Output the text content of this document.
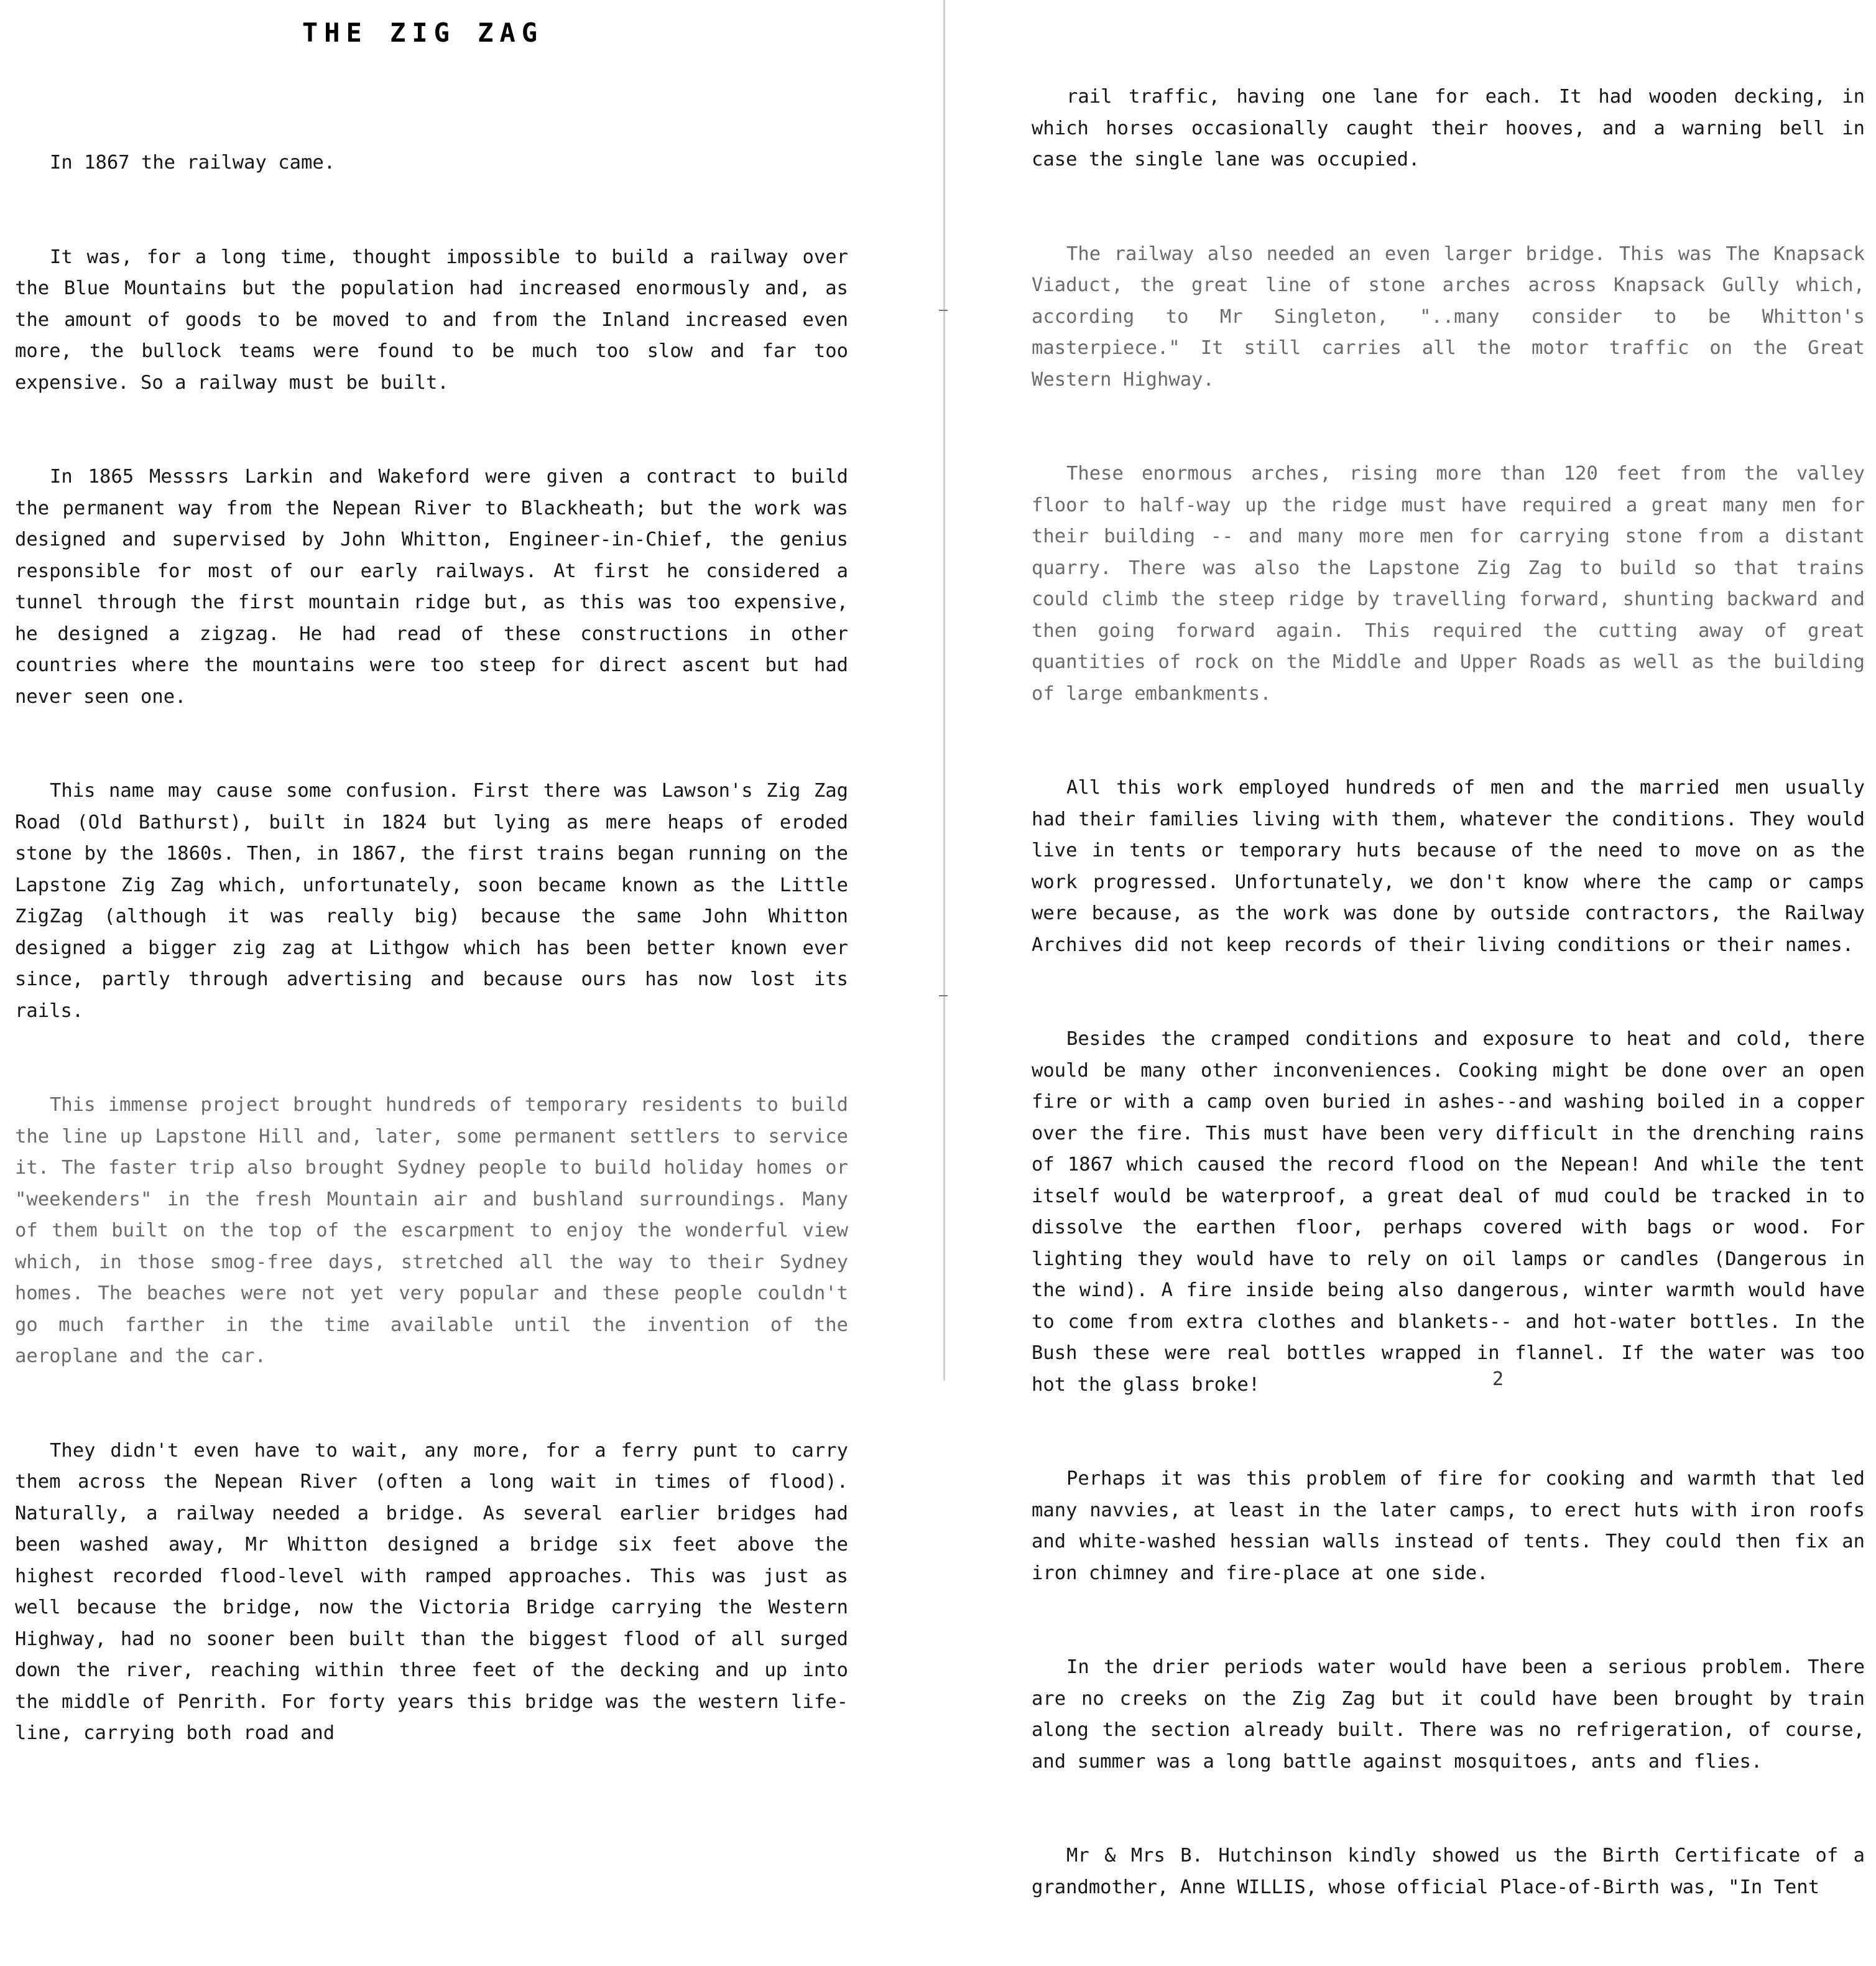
THE ZIG ZAG

In 1867 the railway came.

It was, for a long time, thought impossible to build a railway over the Blue Mountains but the population had increased enormously and, as the amount of goods to be moved to and from the Inland increased even more, the bullock teams were found to be much too slow and far too expensive. So a railway must be built.

In 1865 Messsrs Larkin and Wakeford were given a contract to build the permanent way from the Nepean River to Blackheath; but the work was designed and supervised by John Whitton, Engineer-in-Chief, the genius responsible for most of our early railways. At first he considered a tunnel through the first mountain ridge but, as this was too expensive, he designed a zigzag. He had read of these constructions in other countries where the mountains were too steep for direct ascent but had never seen one.

This name may cause some confusion. First there was Lawson's Zig Zag Road (Old Bathurst), built in 1824 but lying as mere heaps of eroded stone by the 1860s. Then, in 1867, the first trains began running on the Lapstone Zig Zag which, unfortunately, soon became known as the Little ZigZag (although it was really big) because the same John Whitton designed a bigger zig zag at Lithgow which has been better known ever since, partly through advertising and because ours has now lost its rails.

This immense project brought hundreds of temporary residents to build the line up Lapstone Hill and, later, some permanent settlers to service it. The faster trip also brought Sydney people to build holiday homes or "weekenders" in the fresh Mountain air and bushland surroundings. Many of them built on the top of the escarpment to enjoy the wonderful view which, in those smog-free days, stretched all the way to their Sydney homes. The beaches were not yet very popular and these people couldn't go much farther in the time available until the invention of the aeroplane and the car.

They didn't even have to wait, any more, for a ferry punt to carry them across the Nepean River (often a long wait in times of flood). Naturally, a railway needed a bridge. As several earlier bridges had been washed away, Mr Whitton designed a bridge six feet above the highest recorded flood-level with ramped approaches. This was just as well because the bridge, now the Victoria Bridge carrying the Western Highway, had no sooner been built than the biggest flood of all surged down the river, reaching within three feet of the decking and up into the middle of Penrith. For forty years this bridge was the western life-line, carrying both road and

rail traffic, having one lane for each. It had wooden decking, in which horses occasionally caught their hooves, and a warning bell in case the single lane was occupied.

The railway also needed an even larger bridge. This was The Knapsack Viaduct, the great line of stone arches across Knapsack Gully which, according to Mr Singleton, "..many consider to be Whitton's masterpiece." It still carries all the motor traffic on the Great Western Highway.

These enormous arches, rising more than 120 feet from the valley floor to half-way up the ridge must have required a great many men for their building -- and many more men for carrying stone from a distant quarry. There was also the Lapstone Zig Zag to build so that trains could climb the steep ridge by travelling forward, shunting backward and then going forward again. This required the cutting away of great quantities of rock on the Middle and Upper Roads as well as the building of large embankments.

All this work employed hundreds of men and the married men usually had their families living with them, whatever the conditions. They would live in tents or temporary huts because of the need to move on as the work progressed. Unfortunately, we don't know where the camp or camps were because, as the work was done by outside contractors, the Railway Archives did not keep records of their living conditions or their names.

Besides the cramped conditions and exposure to heat and cold, there would be many other inconveniences. Cooking might be done over an open fire or with a camp oven buried in ashes--and washing boiled in a copper over the fire. This must have been very difficult in the drenching rains of 1867 which caused the record flood on the Nepean! And while the tent itself would be waterproof, a great deal of mud could be tracked in to dissolve the earthen floor, perhaps covered with bags or wood. For lighting they would have to rely on oil lamps or candles (Dangerous in the wind). A fire inside being also dangerous, winter warmth would have to come from extra clothes and blankets-- and hot-water bottles. In the Bush these were real bottles wrapped in flannel. If the water was too hot the glass broke!

Perhaps it was this problem of fire for cooking and warmth that led many navvies, at least in the later camps, to erect huts with iron roofs and white-washed hessian walls instead of tents. They could then fix an iron chimney and fire-place at one side.

In the drier periods water would have been a serious problem. There are no creeks on the Zig Zag but it could have been brought by train along the section already built. There was no refrigeration, of course, and summer was a long battle against mosquitoes, ants and flies.

Mr & Mrs B. Hutchinson kindly showed us the Birth Certificate of a grandmother, Anne WILLIS, whose official Place-of-Birth was, "In Tent

2
